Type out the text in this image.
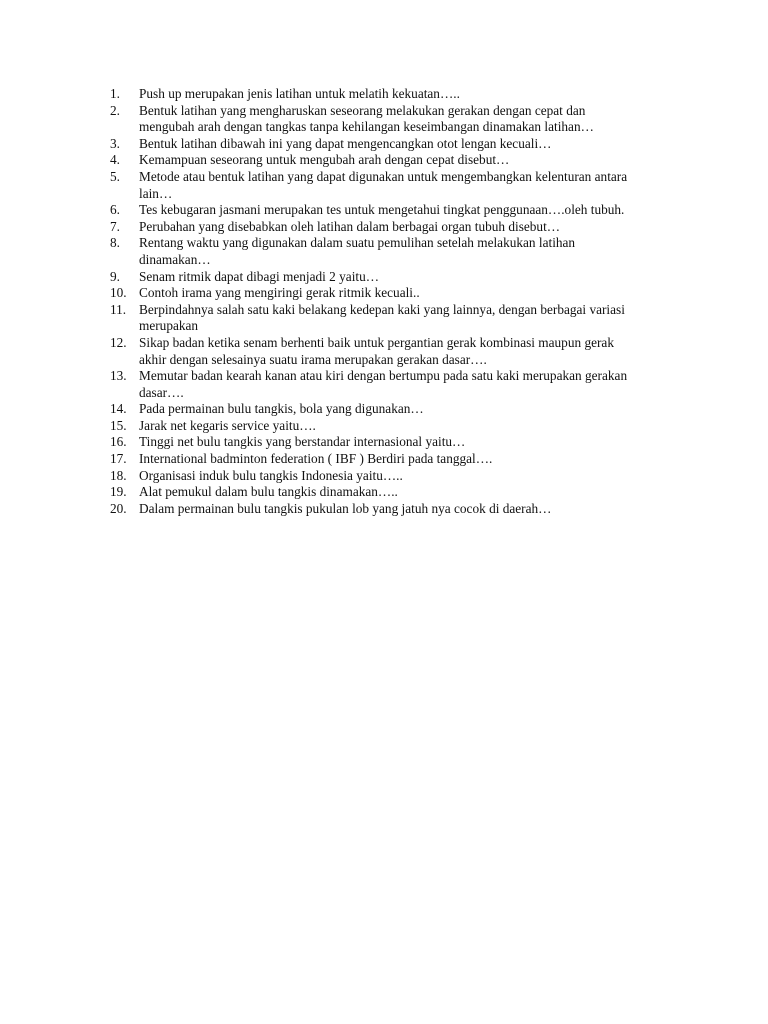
1.	Push up merupakan jenis latihan untuk melatih kekuatan…..
2.	Bentuk latihan yang mengharuskan seseorang melakukan gerakan dengan cepat dan
mengubah arah dengan tangkas tanpa kehilangan keseimbangan dinamakan latihan…
3.	Bentuk latihan dibawah ini yang dapat mengencangkan otot lengan kecuali…
4.	Kemampuan seseorang untuk mengubah arah dengan cepat disebut…
5.	Metode atau bentuk latihan yang dapat digunakan untuk mengembangkan kelenturan antara
lain…
6.	Tes kebugaran jasmani merupakan tes untuk mengetahui tingkat penggunaan….oleh tubuh.
7.	Perubahan yang disebabkan oleh latihan dalam berbagai organ tubuh disebut…
8.	Rentang waktu yang digunakan dalam suatu pemulihan setelah melakukan latihan
dinamakan…
9.	Senam ritmik dapat dibagi menjadi 2 yaitu…
10. Contoh irama yang mengiringi gerak ritmik kecuali..
11. Berpindahnya salah satu kaki belakang kedepan kaki yang lainnya, dengan berbagai variasi
merupakan
12. Sikap badan ketika senam berhenti baik untuk pergantian gerak kombinasi maupun gerak
akhir dengan selesainya suatu irama merupakan gerakan dasar….
13. Memutar badan kearah kanan atau kiri dengan bertumpu pada satu kaki merupakan gerakan
dasar….
14. Pada permainan bulu tangkis, bola yang digunakan…
15. Jarak net kegaris service yaitu….
16. Tinggi net bulu tangkis yang berstandar internasional yaitu…
17. International badminton federation ( IBF ) Berdiri pada tanggal….
18. Organisasi induk bulu tangkis Indonesia yaitu…..
19. Alat pemukul dalam bulu tangkis dinamakan…..
20. Dalam permainan bulu tangkis pukulan lob yang jatuh nya cocok di daerah…
